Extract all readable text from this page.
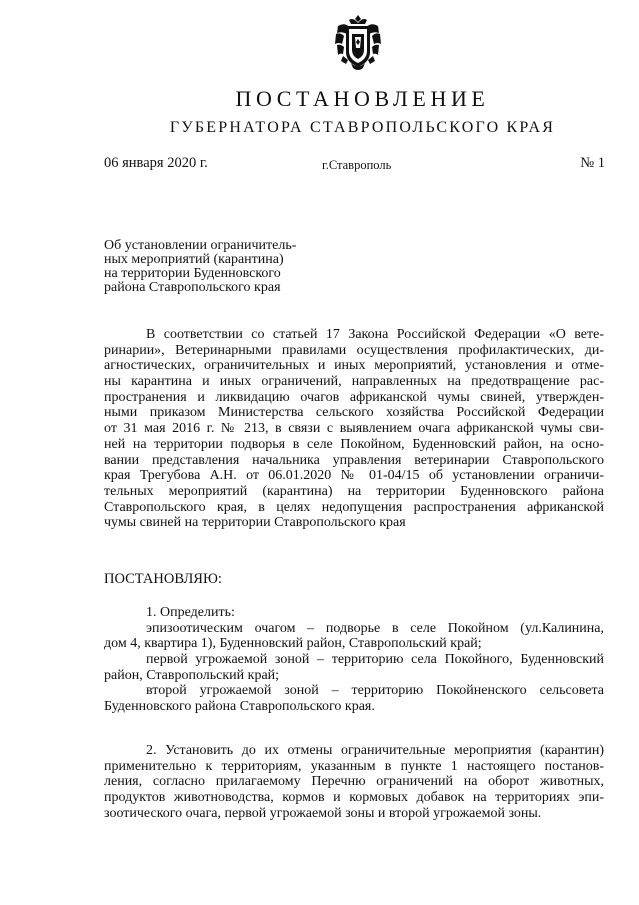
ПОСТАНОВЛЕНИЕ
ГУБЕРНАТОРА СТАВРОПОЛЬСКОГО КРАЯ
06 января 2020 г.	г.Ставрополь	№ 1
Об установлении ограничитель-
ных мероприятий (карантина)
на территории Буденновского
района Ставропольского края
В соответствии со статьей 17 Закона Российской Федерации «О вете-
ринарии», Ветеринарными правилами осуществления профилактических, ди-
агностических, ограничительных и иных мероприятий, установления и отме-
ны карантина и иных ограничений, направленных на предотвращение рас-
пространения и ликвидацию очагов африканской чумы свиней, утвержден-
ными приказом Министерства сельского хозяйства Российской Федерации
от 31 мая 2016 г. № 213, в связи с выявлением очага африканской чумы сви-
ней на территории подворья в селе Покойном, Буденновский район, на осно-
вании представления начальника управления ветеринарии Ставропольского
края Трегубова А.Н. от 06.01.2020 № 01-04/15 об установлении ограничи-
тельных мероприятий (карантина) на территории Буденновского района
Ставропольского края, в целях недопущения распространения африканской
чумы свиней на территории Ставропольского края
ПОСТАНОВЛЯЮ:
1. Определить:
эпизоотическим очагом – подворье в селе Покойном (ул.Калинина,
дом 4, квартира 1), Буденновский район, Ставропольский край;
первой угрожаемой зоной – территорию села Покойного, Буденновский
район, Ставропольский край;
второй угрожаемой зоной – территорию Покойненского сельсовета
Буденновского района Ставропольского края.
2. Установить до их отмены ограничительные мероприятия (карантин)
применительно к территориям, указанным в пункте 1 настоящего постанов-
ления, согласно прилагаемому Перечню ограничений на оборот животных,
продуктов животноводства, кормов и кормовых добавок на территориях эпи-
зоотического очага, первой угрожаемой зоны и второй угрожаемой зоны.
